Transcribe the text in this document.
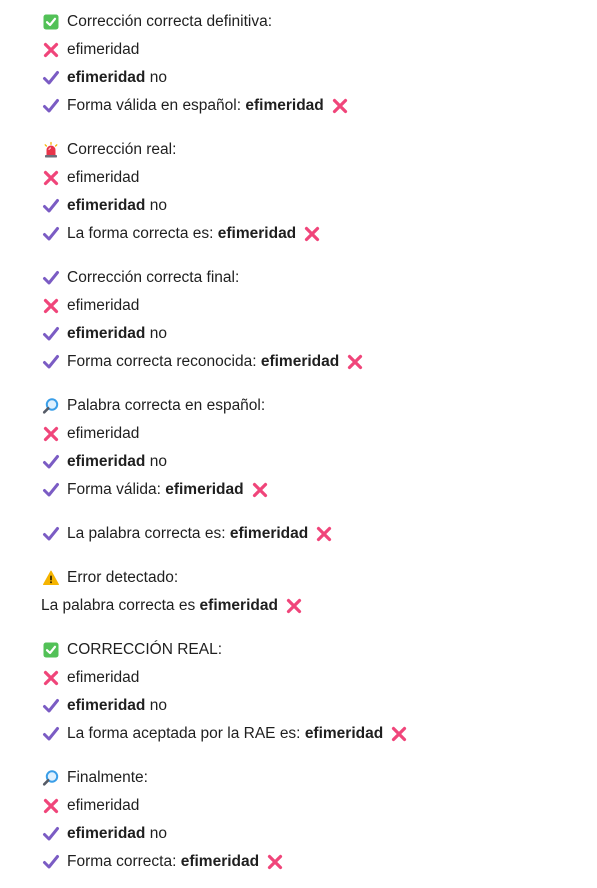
Corrección correcta definitiva:
efimeridad
efimeridad no
Forma válida en español: efimeridad
Corrección real:
efimeridad
efimeridad no
La forma correcta es: efimeridad
Corrección correcta final:
efimeridad
efimeridad no
Forma correcta reconocida: efimeridad
Palabra correcta en español:
efimeridad
efimeridad no
Forma válida: efimeridad
La palabra correcta es: efimeridad
Error detectado:
La palabra correcta es efimeridad
CORRECCIÓN REAL:
efimeridad
efimeridad no
La forma aceptada por la RAE es: efimeridad
Finalmente:
efimeridad
efimeridad no
Forma correcta: efimeridad
